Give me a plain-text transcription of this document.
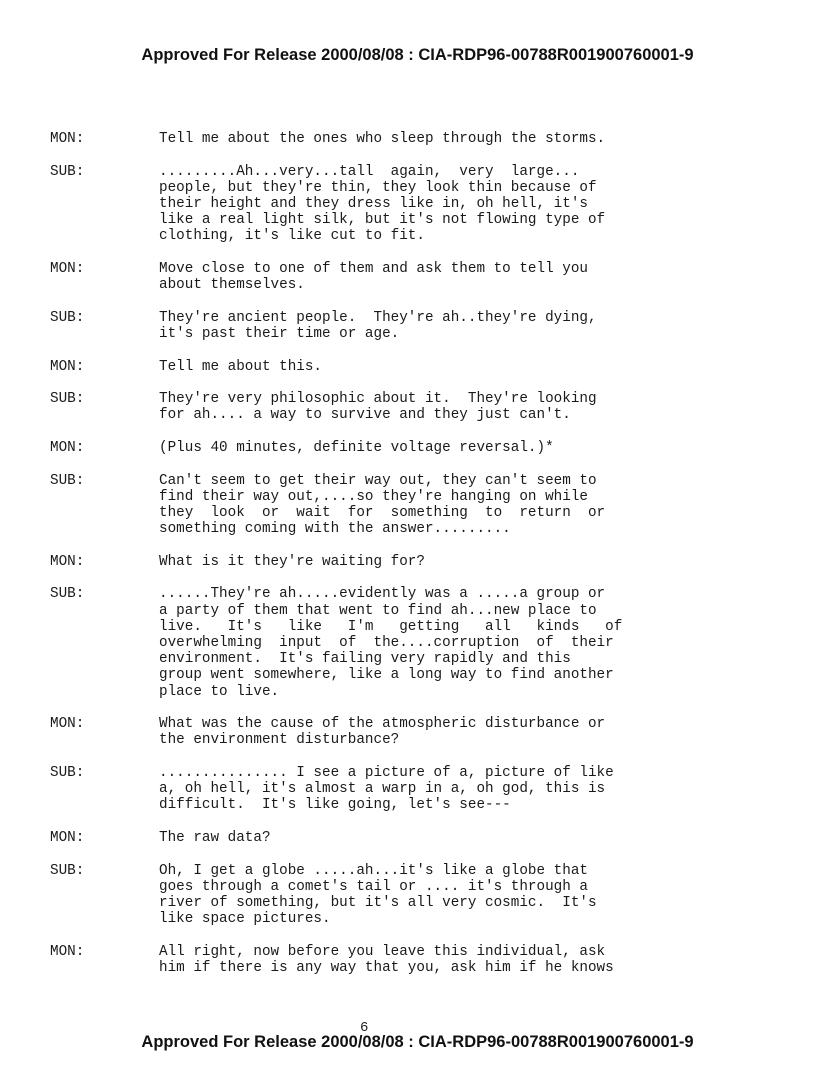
Approved For Release 2000/08/08 : CIA-RDP96-00788R001900760001-9
MON:	Tell me about the ones who sleep through the storms.
SUB:	.........Ah...very...tall  again,  very  large...
people, but they're thin, they look thin because of
their height and they dress like in, oh hell, it's
like a real light silk, but it's not flowing type of
clothing, it's like cut to fit.
MON:	Move close to one of them and ask them to tell you
about themselves.
SUB:	They're ancient people.  They're ah..they're dying,
it's past their time or age.
MON:	Tell me about this.
SUB:	They're very philosophic about it.  They're looking
for ah.... a way to survive and they just can't.
MON:	(Plus 40 minutes, definite voltage reversal.)*
SUB:	Can't seem to get their way out, they can't seem to
find their way out,....so they're hanging on while
they  look  or  wait  for  something  to  return  or
something coming with the answer.........
MON:	What is it they're waiting for?
SUB:	......They're ah.....evidently was a .....a group or
a party of them that went to find ah...new place to
live.   It's   like   I'm   getting   all   kinds   of
overwhelming  input  of  the....corruption  of  their
environment.  It's failing very rapidly and this
group went somewhere, like a long way to find another
place to live.
MON:	What was the cause of the atmospheric disturbance or
the environment disturbance?
SUB:	............... I see a picture of a, picture of like
a, oh hell, it's almost a warp in a, oh god, this is
difficult.  It's like going, let's see---
MON:	The raw data?
SUB:	Oh, I get a globe .....ah...it's like a globe that
goes through a comet's tail or .... it's through a
river of something, but it's all very cosmic.  It's
like space pictures.
MON:	All right, now before you leave this individual, ask
him if there is any way that you, ask him if he knows
6
Approved For Release 2000/08/08 : CIA-RDP96-00788R001900760001-9
